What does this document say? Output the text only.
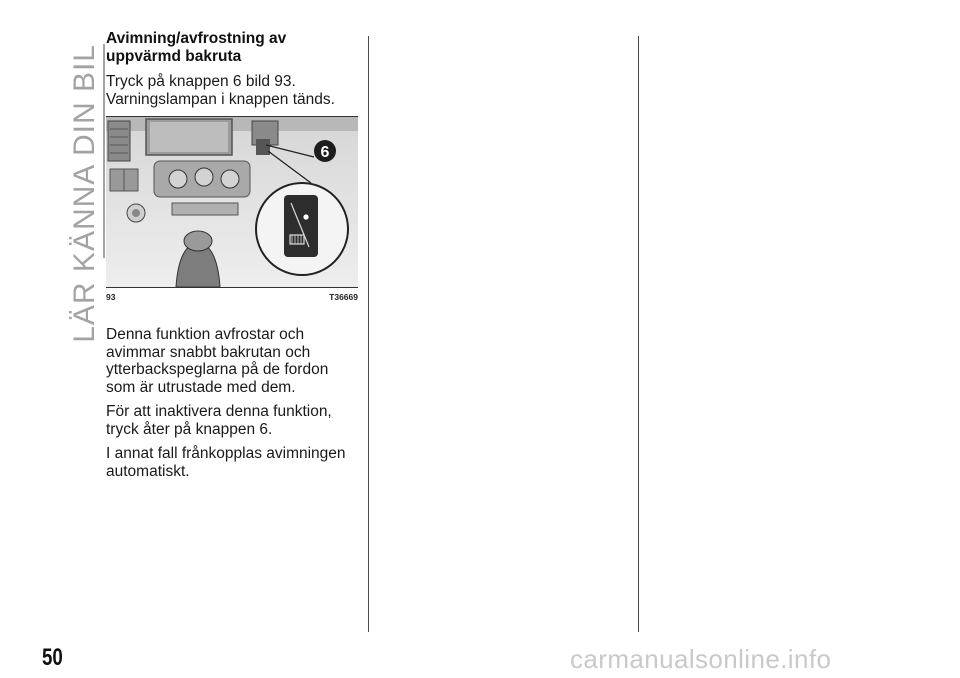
LÄR KÄNNA DIN BIL
Avimning/avfrostning av uppvärmd bakruta
Tryck på knappen 6 bild 93.
Varningslampan i knappen tänds.
6
93	T36669
Denna funktion avfrostar och avimmar snabbt bakrutan och ytterbackspeglarna på de fordon som är utrustade med dem.
För att inaktivera denna funktion, tryck åter på knappen 6.
I annat fall frånkopplas avimningen automatiskt.
50	carmanualsonline.info
